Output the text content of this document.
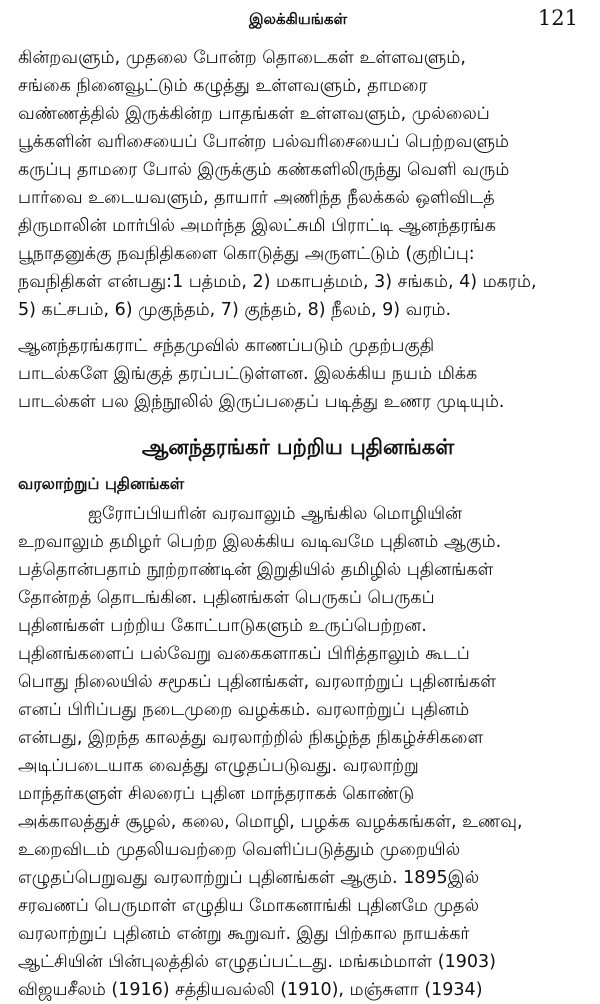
இலக்கியங்கள்	121

கின்றவளும், முதலை போன்ற தொடைகள் உள்ளவளும்,
சங்கை நினைவூட்டும் கழுத்து உள்ளவளும், தாமரை
வண்ணத்தில் இருக்கின்ற பாதங்கள் உள்ளவளும், முல்லைப்
பூக்களின் வரிசையைப் போன்ற பல்வரிசையைப் பெற்றவளும்
கருப்பு தாமரை போல் இருக்கும் கண்களிலிருந்து வெளி வரும்
பார்வை உடையவளும், தாயார் அணிந்த நீலக்கல் ஒளிவிடத்
திருமாலின் மார்பில் அமர்ந்த இலட்சுமி பிராட்டி ஆனந்தரங்க
பூநாதனுக்கு நவநிதிகளை கொடுத்து அருளட்டும் (குறிப்பு:
நவநிதிகள் என்பது:1 பத்மம், 2) மகாபத்மம், 3) சங்கம், 4) மகரம்,
5) கட்சபம், 6) முகுந்தம், 7) குந்தம், 8) நீலம், 9) வரம்.

ஆனந்தரங்கராட் சந்தமுவில் காணப்படும் முதற்பகுதி
பாடல்களே இங்குத் தரப்பட்டுள்ளன. இலக்கிய நயம் மிக்க
பாடல்கள் பல இந்நூலில் இருப்பதைப் படித்து உணர முடியும்.

ஆனந்தரங்கர் பற்றிய புதினங்கள்
வரலாற்றுப் புதினங்கள்

ஐரோப்பியரின் வரவாலும் ஆங்கில மொழியின்
உறவாலும் தமிழர் பெற்ற இலக்கிய வடிவமே புதினம் ஆகும்.
பத்தொன்பதாம் நூற்றாண்டின் இறுதியில் தமிழில் புதினங்கள்
தோன்றத் தொடங்கின. புதினங்கள் பெருகப் பெருகப்
புதினங்கள் பற்றிய கோட்பாடுகளும் உருப்பெற்றன.
புதினங்களைப் பல்வேறு வகைகளாகப் பிரித்தாலும் கூடப்
பொது நிலையில் சமூகப் புதினங்கள், வரலாற்றுப் புதினங்கள்
எனப் பிரிப்பது நடைமுறை வழக்கம். வரலாற்றுப் புதினம்
என்பது, இறந்த காலத்து வரலாற்றில் நிகழ்ந்த நிகழ்ச்சிகளை
அடிப்படையாக வைத்து எழுதப்படுவது. வரலாற்று
மாந்தர்களுள் சிலரைப் புதின மாந்தராகக் கொண்டு
அக்காலத்துச் சூழல், கலை, மொழி, பழக்க வழக்கங்கள், உணவு,
உறைவிடம் முதலியவற்றை வெளிப்படுத்தும் முறையில்
எழுதப்பெறுவது வரலாற்றுப் புதினங்கள் ஆகும். 1895இல்
சரவணப் பெருமாள் எழுதிய மோகனாங்கி புதினமே முதல்
வரலாற்றுப் புதினம் என்று கூறுவர். இது பிற்கால நாயக்கர்
ஆட்சியின் பின்புலத்தில் எழுதப்பட்டது. மங்கம்மாள் (1903)
விஜயசீலம் (1916) சத்தியவல்லி (1910), மஞ்சுளா (1934)
